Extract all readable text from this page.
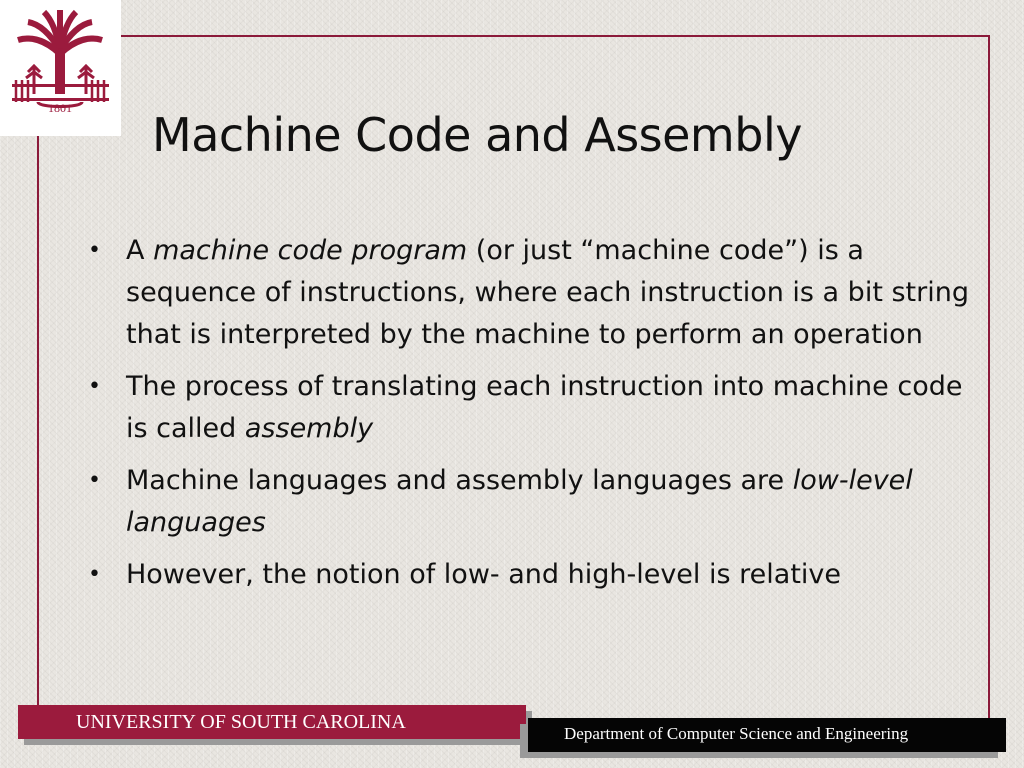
1801 Machine Code and Assembly
• A machine code program (or just “machine code”) is a sequence of instructions, where each instruction is a bit string that is interpreted by the machine to perform an operation
• The process of translating each instruction into machine code is called assembly
• Machine languages and assembly languages are low-level languages
• However, the notion of low- and high-level is relative
UNIVERSITY OF SOUTH CAROLINA
Department of Computer Science and Engineering
